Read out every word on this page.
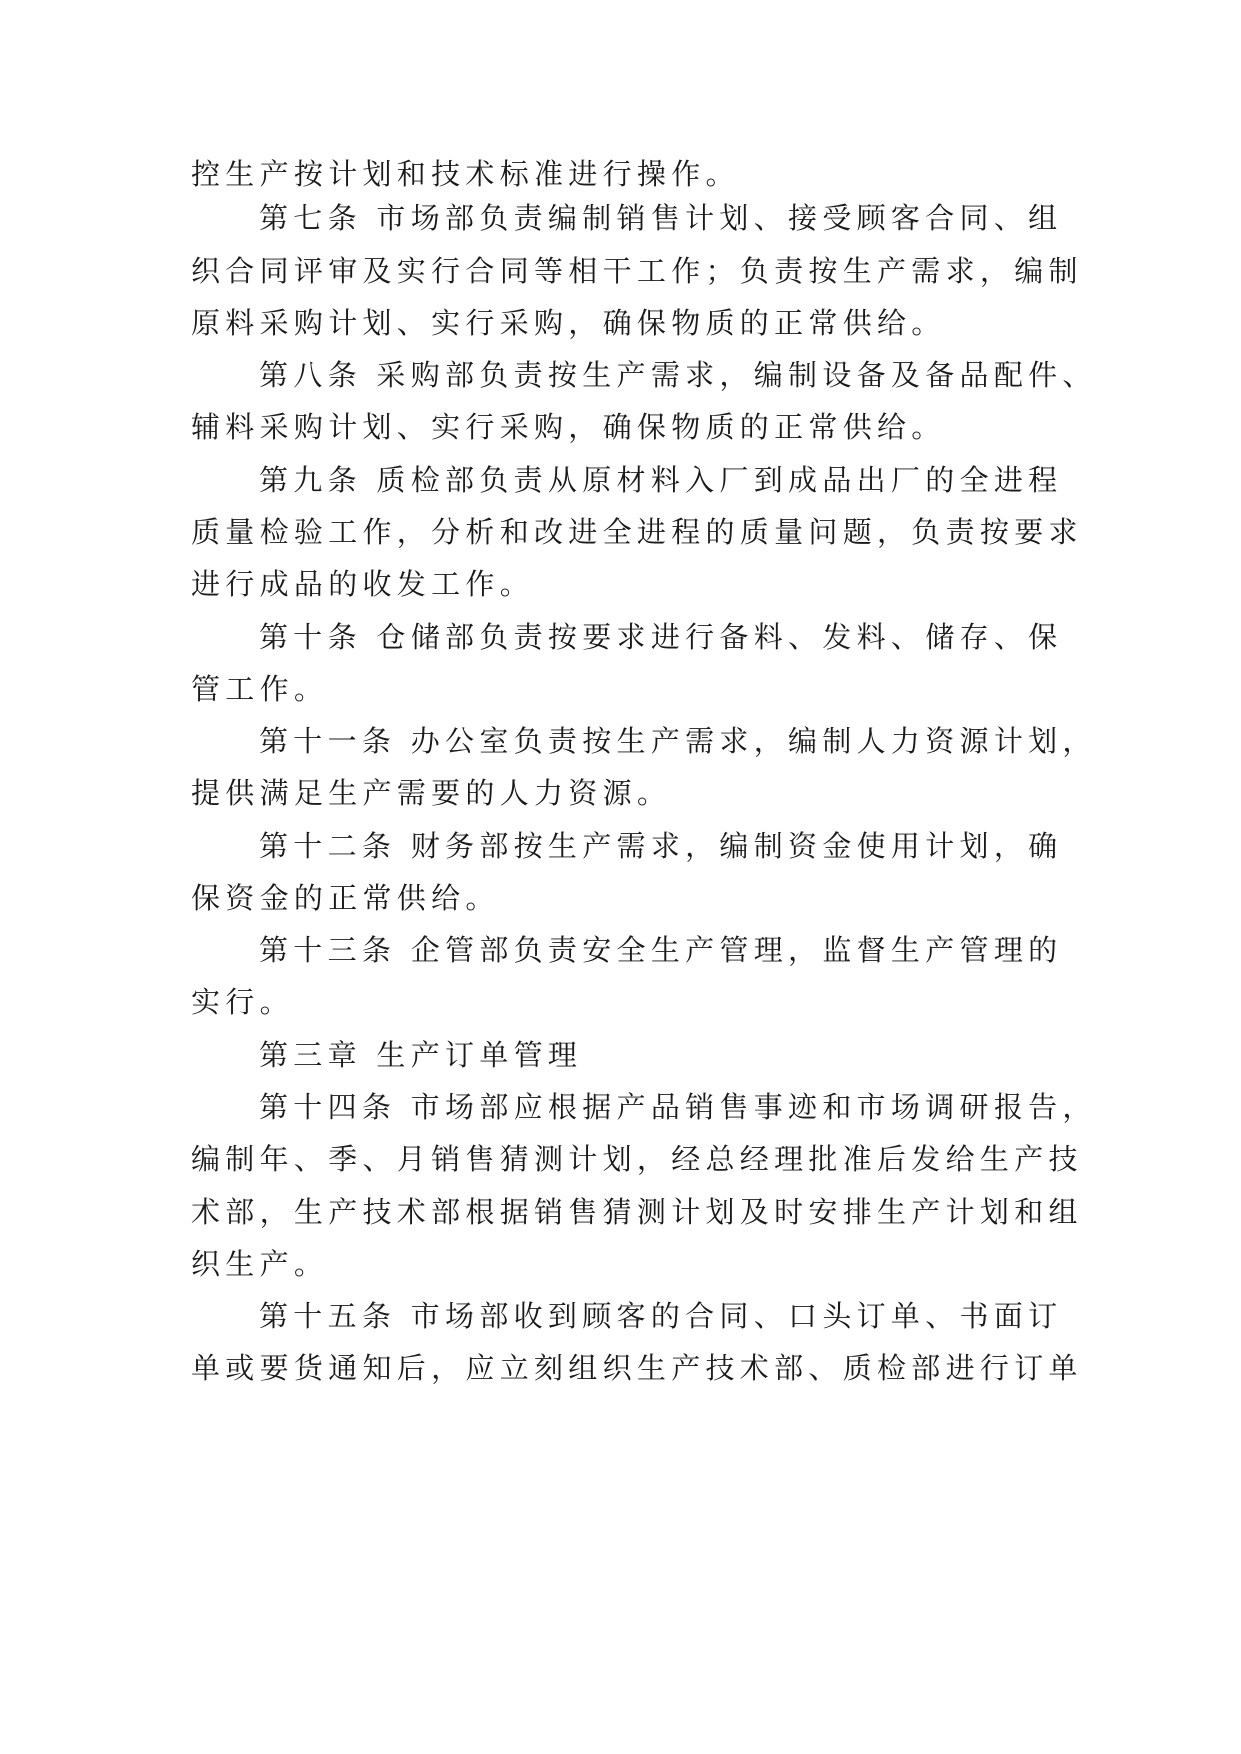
控生产按计划和技术标准进行操作。
第七条 市场部负责编制销售计划、接受顾客合同、组
织合同评审及实行合同等相干工作；负责按生产需求，编制
原料采购计划、实行采购，确保物质的正常供给。
第八条 采购部负责按生产需求，编制设备及备品配件、
辅料采购计划、实行采购，确保物质的正常供给。
第九条 质检部负责从原材料入厂到成品出厂的全进程
质量检验工作，分析和改进全进程的质量问题，负责按要求
进行成品的收发工作。
第十条 仓储部负责按要求进行备料、发料、储存、保
管工作。
第十一条 办公室负责按生产需求，编制人力资源计划，
提供满足生产需要的人力资源。
第十二条 财务部按生产需求，编制资金使用计划，确
保资金的正常供给。
第十三条 企管部负责安全生产管理，监督生产管理的
实行。
第三章 生产订单管理
第十四条 市场部应根据产品销售事迹和市场调研报告，
编制年、季、月销售猜测计划，经总经理批准后发给生产技
术部，生产技术部根据销售猜测计划及时安排生产计划和组
织生产。
第十五条 市场部收到顾客的合同、口头订单、书面订
单或要货通知后，应立刻组织生产技术部、质检部进行订单
